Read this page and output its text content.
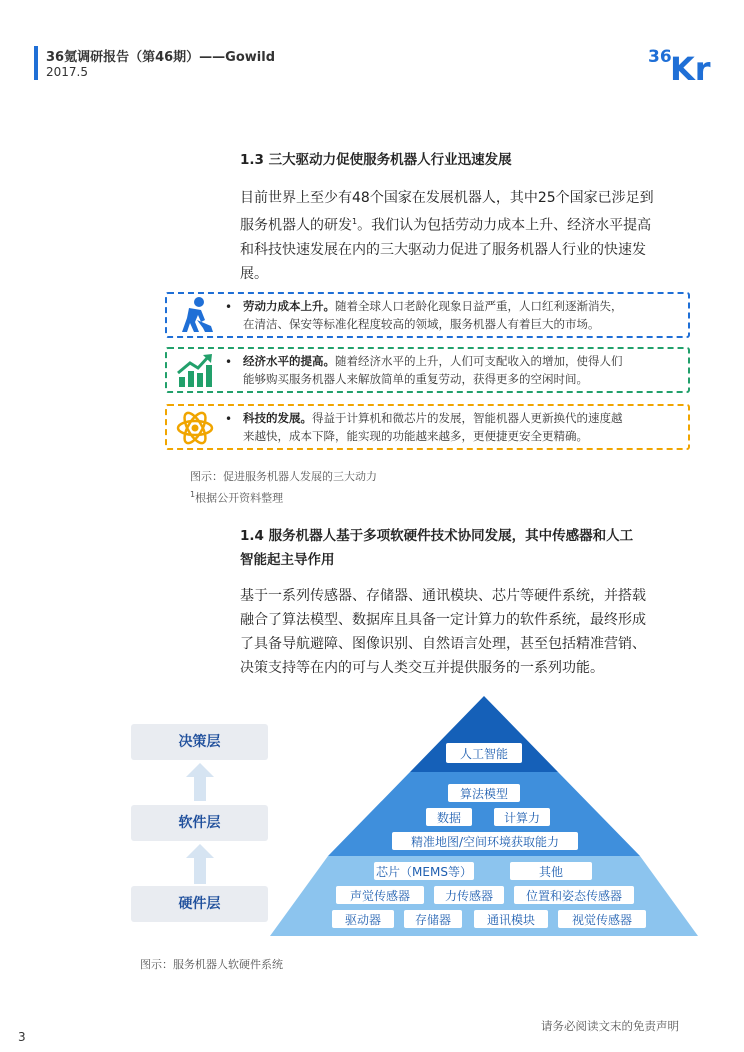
36氪调研报告（第46期）——Gowild
2017.5
36
Kr
1.3 三大驱动力促使服务机器人行业迅速发展
目前世界上至少有48个国家在发展机器人，其中25个国家已涉足到
服务机器人的研发$^1$。我们认为包括劳动力成本上升、经济水平提高
和科技快速发展在内的三大驱动力促进了服务机器人行业的快速发
展。
• 劳动力成本上升。随着全球人口老龄化现象日益严重，人口红利逐渐消失，
在清洁、保安等标准化程度较高的领域，服务机器人有着巨大的市场。
• 经济水平的提高。随着经济水平的上升，人们可支配收入的增加，使得人们
能够购买服务机器人来解放简单的重复劳动，获得更多的空闲时间。
• 科技的发展。得益于计算机和微芯片的发展，智能机器人更新换代的速度越
来越快，成本下降，能实现的功能越来越多，更便捷更安全更精确。
图示：促进服务机器人发展的三大动力
$^1$根据公开资料整理
1.4 服务机器人基于多项软硬件技术协同发展，其中传感器和人工
智能起主导作用
基于一系列传感器、存储器、通讯模块、芯片等硬件系统，并搭载
融合了算法模型、数据库且具备一定计算力的软件系统，最终形成
了具备导航避障、图像识别、自然语言处理，甚至包括精准营销、
决策支持等在内的可与人类交互并提供服务的一系列功能。
决策层
软件层
硬件层
人工智能
算法模型
数据	计算力
精准地图/空间环境获取能力
芯片（MEMS等）	其他
声觉传感器	力传感器	位置和姿态传感器
驱动器	存储器	通讯模块	视觉传感器
图示：服务机器人软硬件系统
请务必阅读文末的免责声明
3
